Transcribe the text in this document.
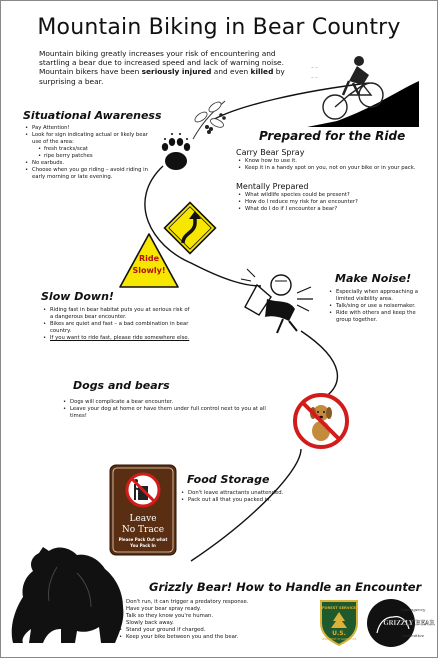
Mountain Biking in Bear Country
Mountain biking greatly increases your risk of encountering and startling a bear due to increased speed and lack of warning noise. Mountain bikers have been seriously injured and even killed by surprising a bear.
~ ~
~ ~
Situational Awareness
• Pay Attention!
• Look for sign indicating actual or likely bear use of the area:
• fresh tracks/scat
• ripe berry patches
• No earbuds.
• Choose when you go riding – avoid riding in early morning or late evening.
Prepared for the Ride
Carry Bear Spray
• Know how to use it.
• Keep it in a handy spot on you, not on your bike or in your pack.
Mentally Prepared
• What wildlife species could be present?
• How do I reduce my risk for an encounter?
• What do I do if I encounter a bear?
Ride
Slowly!
Make Noise!
• Especially when approaching a limited visibility area.
• Talk/sing or use a noisemaker.
• Ride with others and keep the group together.
Slow Down!
• Riding fast in bear habitat puts you at serious risk of a dangerous bear encounter.
• Bikes are quiet and fast – a bad combination in bear country.
• If you want to ride fast, please ride somewhere else.
Dogs and bears
• Dogs will complicate a bear encounter.
• Leave your dog at home or have them under full control next to you at all times!
Leave
No Trace
Please Pack Out what
You Pack In
Food Storage
• Don't leave attractants unattended.
• Pack out all that you packed in.
Grizzly Bear! How to Handle an Encounter
• Don't run, it can trigger a predatory response.
• Have your bear spray ready.
• Talk so they know you're human.
• Slowly back away.
• Stand your ground if charged.
• Keep your bike between you and the bear.
FOREST SERVICE
U.S.
DEPARTMENT OF AGRICULTURE
Interagency
GRIZZLY BEAR
Committee
